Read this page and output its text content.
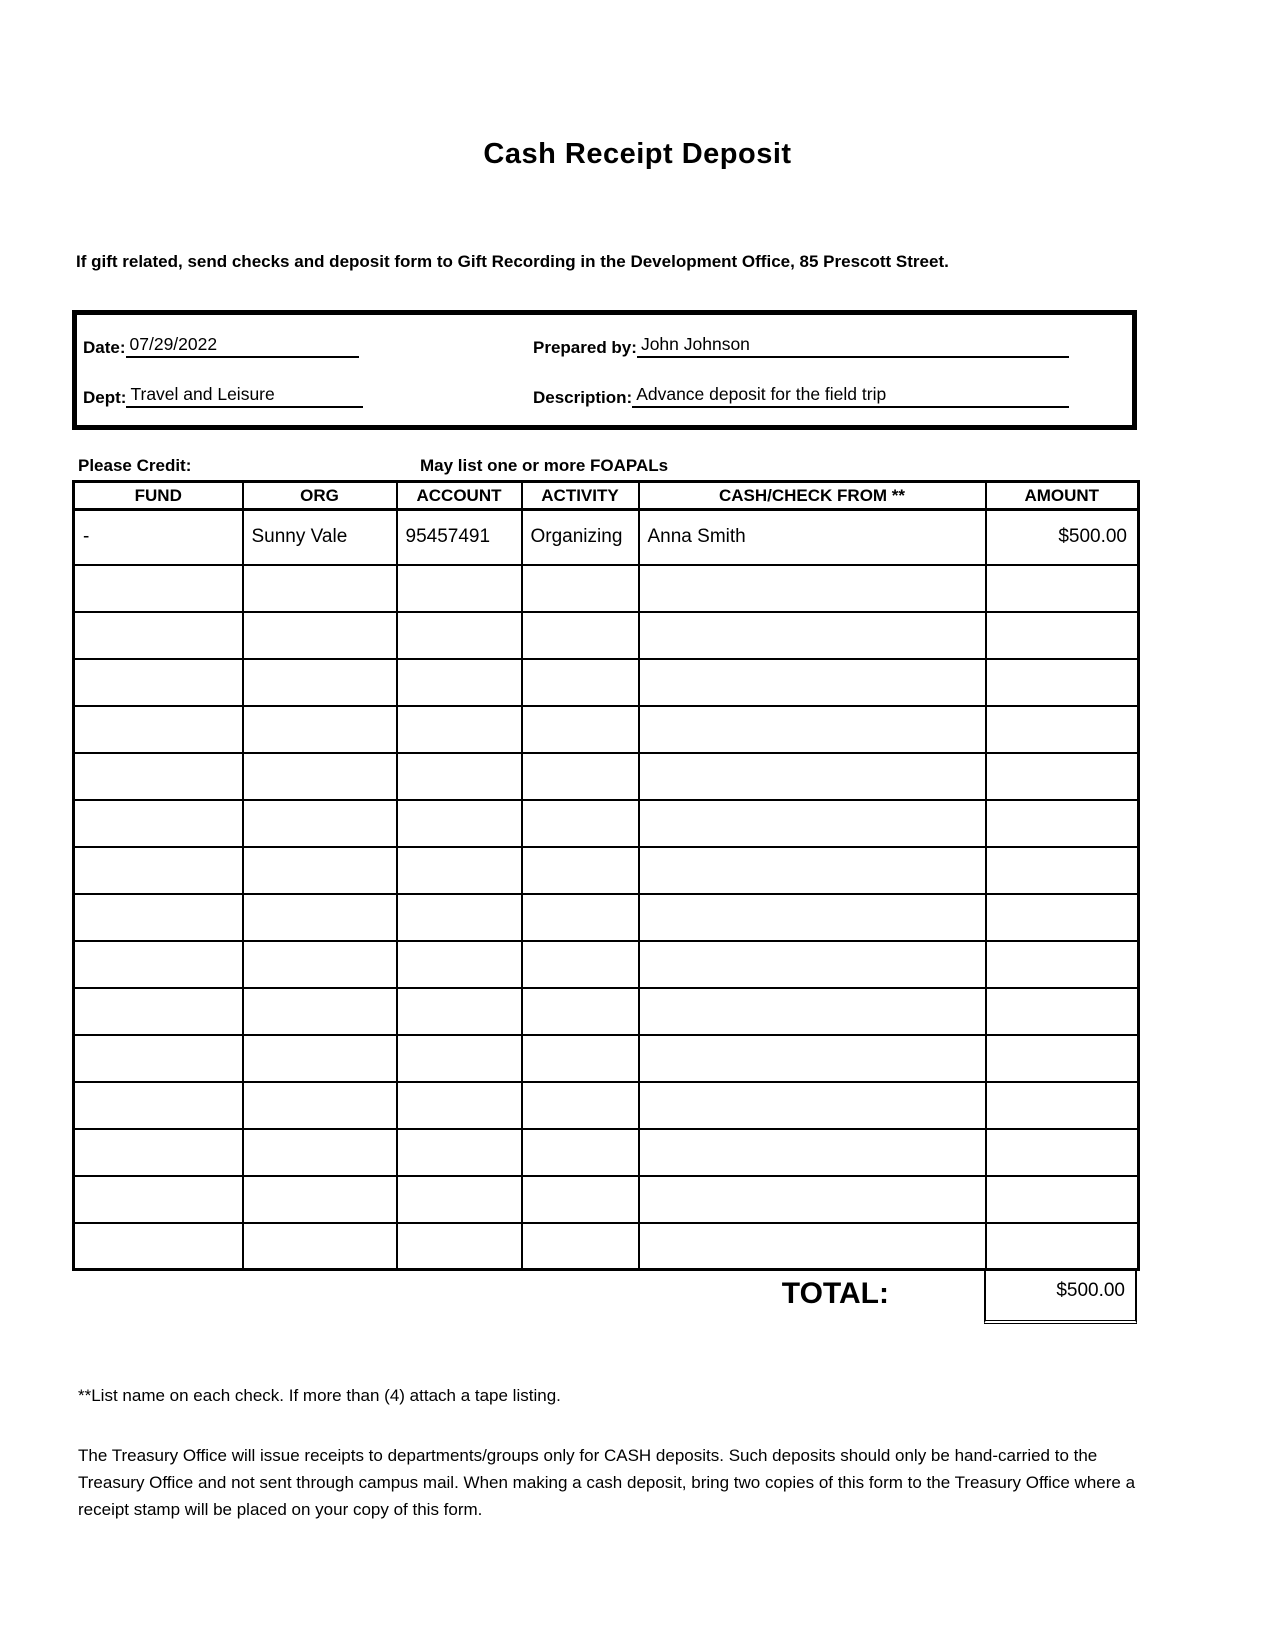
Cash Receipt Deposit
If gift related, send checks and deposit form to Gift Recording in the Development Office, 85 Prescott Street.
Date: 07/29/2022	Prepared by: John Johnson
Dept: Travel and Leisure	Description: Advance deposit for the field trip
Please Credit:	May list one or more FOAPALs
FUND	ORG	ACCOUNT	ACTIVITY	CASH/CHECK FROM **	AMOUNT
-	Sunny Vale	95457491	Organizing	Anna Smith	$500.00

TOTAL:	$500.00
**List name on each check. If more than (4) attach a tape listing.
The Treasury Office will issue receipts to departments/groups only for CASH deposits. Such deposits should only be hand-carried to the Treasury Office and not sent through campus mail. When making a cash deposit, bring two copies of this form to the Treasury Office where a receipt stamp will be placed on your copy of this form.
